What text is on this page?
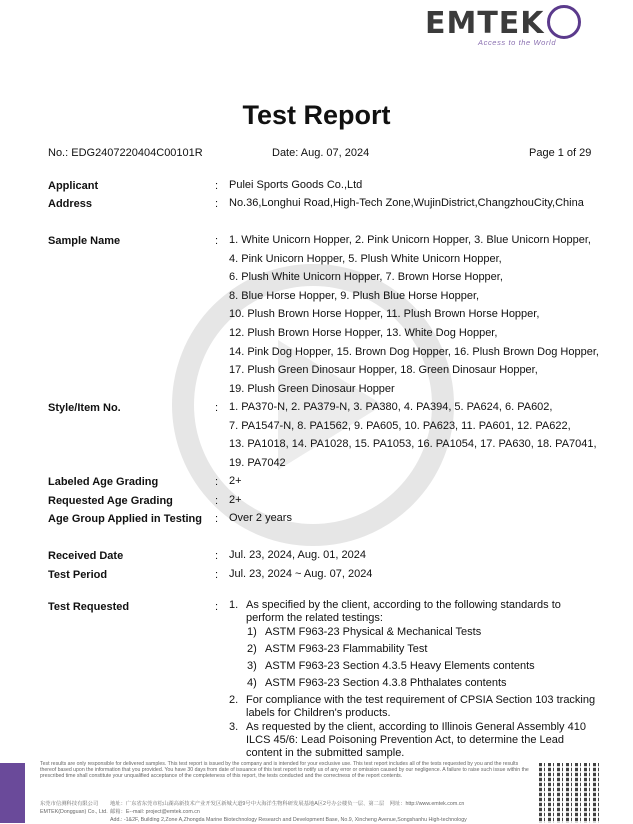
EMTEK
Access to the World
Test Report
No.: EDG2407220404C00101R	Date: Aug. 07, 2024	Page 1 of 29
Applicant	: Pulei Sports Goods Co.,Ltd
Address	: No.36,Longhui Road,High-Tech Zone,WujinDistrict,ChangzhouCity,China
Sample Name	: 1. White Unicorn Hopper, 2. Pink Unicorn Hopper, 3. Blue Unicorn Hopper,
4. Pink Unicorn Hopper, 5. Plush White Unicorn Hopper,
6. Plush White Unicorn Hopper, 7. Brown Horse Hopper,
8. Blue Horse Hopper, 9. Plush Blue Horse Hopper,
10. Plush Brown Horse Hopper, 11. Plush Brown Horse Hopper,
12. Plush Brown Horse Hopper, 13. White Dog Hopper,
14. Pink Dog Hopper, 15. Brown Dog Hopper, 16. Plush Brown Dog Hopper,
17. Plush Green Dinosaur Hopper, 18. Green Dinosaur Hopper,
19. Plush Green Dinosaur Hopper
Style/Item No.	: 1. PA370-N, 2. PA379-N, 3. PA380, 4. PA394, 5. PA624, 6. PA602,
7. PA1547-N, 8. PA1562, 9. PA605, 10. PA623, 11. PA601, 12. PA622,
13. PA1018, 14. PA1028, 15. PA1053, 16. PA1054, 17. PA630, 18. PA7041,
19. PA7042
Labeled Age Grading	: 2+
Requested Age Grading	: 2+
Age Group Applied in Testing : Over 2 years
Received Date	: Jul. 23, 2024, Aug. 01, 2024
Test Period	: Jul. 23, 2024 ~ Aug. 07, 2024
Test Requested	: 1. As specified by the client, according to the following standards to perform the related testings:
1) ASTM F963-23 Physical & Mechanical Tests
2) ASTM F963-23 Flammability Test
3) ASTM F963-23 Section 4.3.5 Heavy Elements contents
4) ASTM F963-23 Section 4.3.8 Phthalates contents
2. For compliance with the test requirement of CPSIA Section 103 tracking labels for Children's products.
3. As requested by the client, according to Illinois General Assembly 410 ILCS 45/6: Lead Poisoning Prevention Act, to determine the Lead content in the submitted sample.
Test results are only responsible for delivered samples. This test report is issued by the company and is intended for your exclusive use. This test report includes all of the tests requested by you and the results thereof based upon the information that you provided. You have 30 days from date of issuance of this test report to notify us of any error or omission caused by our negligence. A failure to raise such issue within the prescribed time shall constitute your unqualified acceptance of the completeness of this report, the tests conducted and the correctness of the report contents.
东莞市信测科技有限公司 地址：广东省东莞市松山湖高新技术产业开发区新城大道9号中大海洋生物科研发展基地A区2号办公楼负一层、第二层　网址：http://www.emtek.com.cn
EMTEK(Dongguan) Co., Ltd. 邮箱：E--mail: project@emtek.com.cn
Add.: -1&2F, Building 2,Zone A,Zhongda Marine Biotechnology Research and Development Base, No.9, Xincheng Avenue,Songshanhu High-technology
